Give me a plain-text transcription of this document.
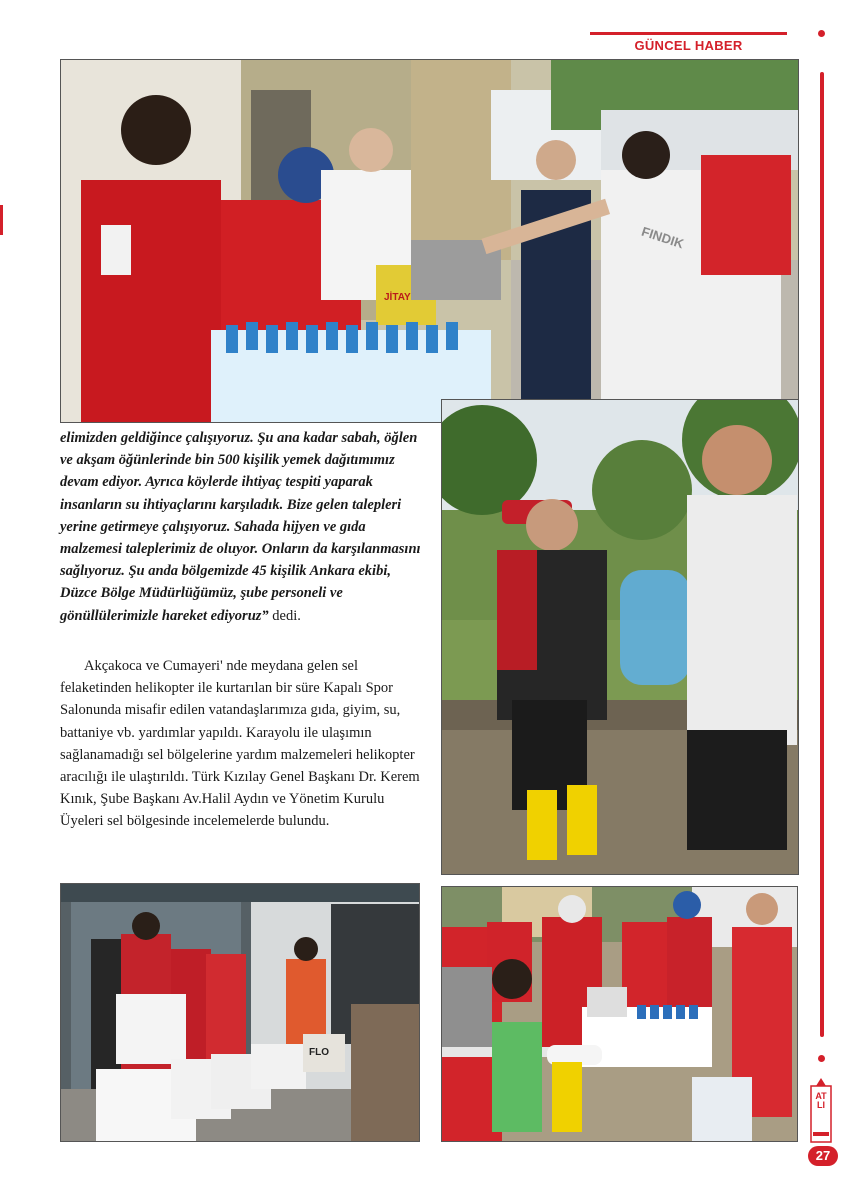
GÜNCEL HABER
FINDIK
JİTAY
FLO

elimizden geldiğince çalışıyoruz. Şu ana kadar sabah, öğlen ve akşam öğünlerinde bin 500 kişilik yemek dağıtımımız devam ediyor. Ayrıca köylerde ihtiyaç tespiti yaparak insanların su ihtiyaçlarını karşıladık. Bize gelen talepleri yerine getirmeye çalışıyoruz. Sahada hijyen ve gıda malzemesi taleplerimiz de oluyor. Onların da karşılanmasını sağlıyoruz. Şu anda bölgemizde 45 kişilik Ankara ekibi, Düzce Bölge Müdürlüğümüz, şube personeli ve gönüllülerimizle hareket ediyoruz” dedi.

Akçakoca ve Cumayeri' nde meydana gelen sel felaketinden helikopter ile kurtarılan bir süre Kapalı Spor Salonunda misafir edilen vatandaşlarımıza gıda, giyim, su, battaniye vb. yardımlar yapıldı. Karayolu ile ulaşımın sağlanamadığı sel bölgelerine yardım malzemeleri helikopter aracılığı ile ulaştırıldı. Türk Kızılay Genel Başkanı Dr. Kerem Kınık, Şube Başkanı Av.Halil Aydın ve Yönetim Kurulu Üyeleri sel bölgesinde incelemelerde bulundu.

ATLI
27
